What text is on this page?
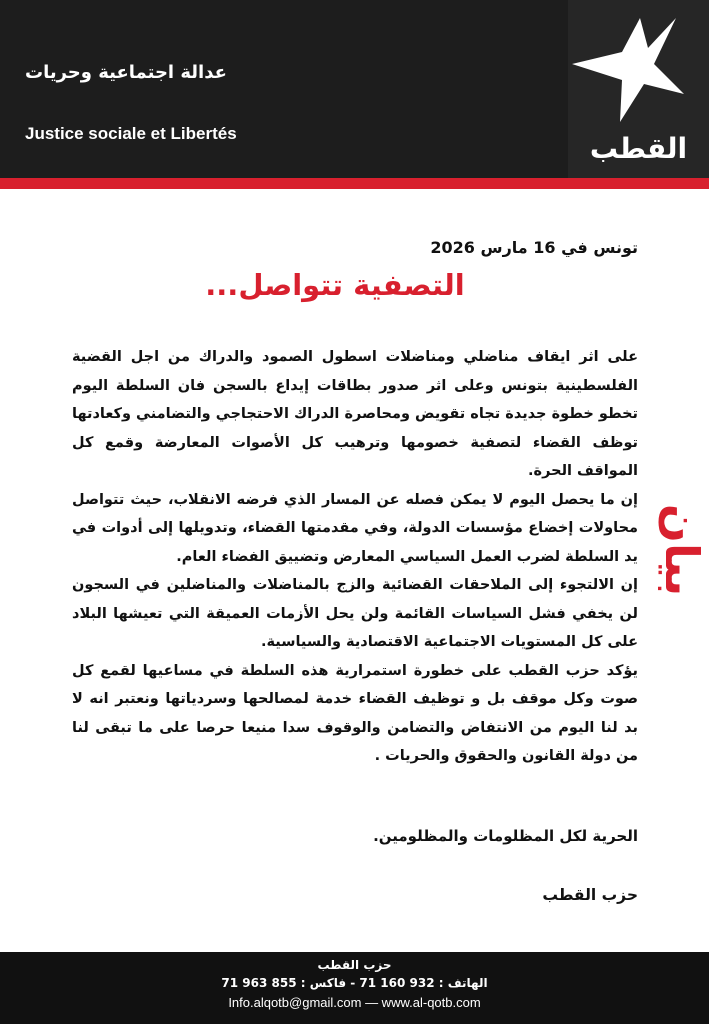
عدالة اجتماعية وحريات
Justice sociale et Libertés	القطب
تونس في 16 مارس 2026
التصفية تتواصل...

على اثر ايقاف مناضلي ومناضلات اسطول الصمود والدراك من اجل القضية الفلسطينية بتونس وعلى اثر صدور بطاقات إيداع بالسجن فان السلطة اليوم تخطو خطوة جديدة تجاه تقويض ومحاصرة الدراك الاحتجاجي والتضامني وكعادتها توظف القضاء لتصفية خصومها وترهيب كل الأصوات المعارضة وقمع كل المواقف الحرة.

إن ما يحصل اليوم لا يمكن فصله عن المسار الذي فرضه الانقلاب، حيث تتواصل محاولات إخضاع مؤسسات الدولة، وفي مقدمتها القضاء، وتدويلها إلى أدوات في يد السلطة لضرب العمل السياسي المعارض وتضييق الفضاء العام.

إن الالتجوء إلى الملاحقات القضائية والزج بالمناضلات والمناضلين في السجون لن يخفي فشل السياسات القائمة ولن يحل الأزمات العميقة التي تعيشها البلاد على كل المستويات الاجتماعية الاقتصادية والسياسية.

يؤكد حزب القطب على خطورة استمرارية هذه السلطة في مساعيها لقمع كل صوت وكل موقف بل و توظيف القضاء خدمة لمصالحها وسردياتها ونعتبر انه لا بد لنا اليوم من الانتفاض والتضامن والوقوف سدا منيعا حرصا على ما تبقى لنا من دولة القانون والحقوق والحريات .

الحرية لكل المظلومات والمظلومين.
حزب القطب
بيان
حزب القطب
الهاتف : 932 160 71 - فاكس : 855 963 71
Info.alqotb@gmail.com — www.al-qotb.com
